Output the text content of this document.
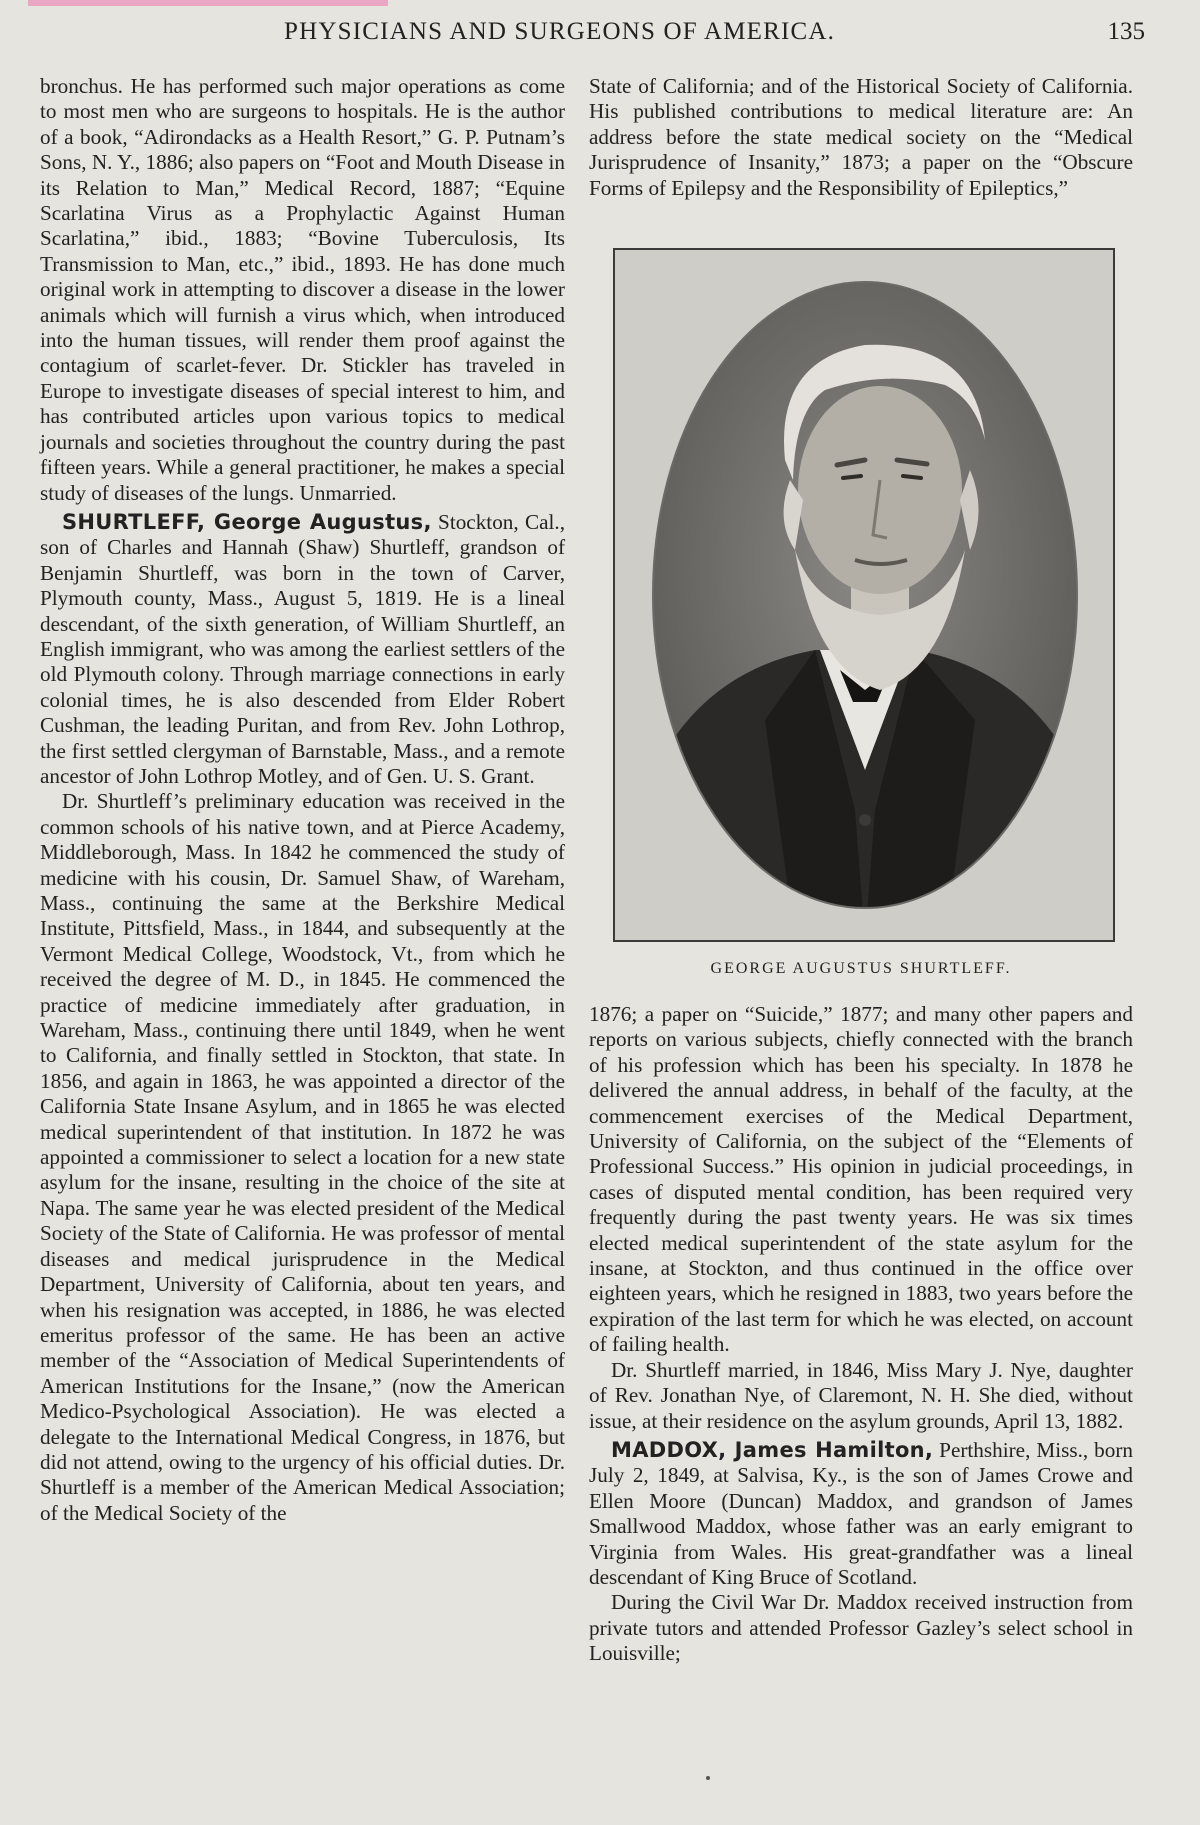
PHYSICIANS AND SURGEONS OF AMERICA.	135

bronchus. He has performed such major operations as come to most men who are surgeons to hospitals. He is the author of a book, “Adirondacks as a Health Resort,” G. P. Putnam’s Sons, N. Y., 1886; also papers on “Foot and Mouth Disease in its Relation to Man,” Medical Record, 1887; “Equine Scarlatina Virus as a Prophylactic Against Human Scarlatina,” ibid., 1883; “Bovine Tuberculosis, Its Transmission to Man, etc.,” ibid., 1893. He has done much original work in attempting to discover a disease in the lower animals which will furnish a virus which, when introduced into the human tissues, will render them proof against the contagium of scarlet-fever. Dr. Stickler has traveled in Europe to investigate diseases of special interest to him, and has contributed articles upon various topics to medical journals and societies throughout the country during the past fifteen years. While a general practitioner, he makes a special study of diseases of the lungs. Unmarried.

SHURTLEFF, George Augustus, Stockton, Cal., son of Charles and Hannah (Shaw) Shurtleff, grandson of Benjamin Shurtleff, was born in the town of Carver, Plymouth county, Mass., August 5, 1819. He is a lineal descendant, of the sixth generation, of William Shurtleff, an English immigrant, who was among the earliest settlers of the old Plymouth colony. Through marriage connections in early colonial times, he is also descended from Elder Robert Cushman, the leading Puritan, and from Rev. John Lothrop, the first settled clergyman of Barnstable, Mass., and a remote ancestor of John Lothrop Motley, and of Gen. U. S. Grant.

Dr. Shurtleff’s preliminary education was received in the common schools of his native town, and at Pierce Academy, Middleborough, Mass. In 1842 he commenced the study of medicine with his cousin, Dr. Samuel Shaw, of Wareham, Mass., continuing the same at the Berkshire Medical Institute, Pittsfield, Mass., in 1844, and subsequently at the Vermont Medical College, Woodstock, Vt., from which he received the degree of M. D., in 1845. He commenced the practice of medicine immediately after graduation, in Wareham, Mass., continuing there until 1849, when he went to California, and finally settled in Stockton, that state. In 1856, and again in 1863, he was appointed a director of the California State Insane Asylum, and in 1865 he was elected medical superintendent of that institution. In 1872 he was appointed a commissioner to select a location for a new state asylum for the insane, resulting in the choice of the site at Napa. The same year he was elected president of the Medical Society of the State of California. He was professor of mental diseases and medical jurisprudence in the Medical Department, University of California, about ten years, and when his resignation was accepted, in 1886, he was elected emeritus professor of the same. He has been an active member of the “Association of Medical Superintendents of American Institutions for the Insane,” (now the American Medico-Psychological Association). He was elected a delegate to the International Medical Congress, in 1876, but did not attend, owing to the urgency of his official duties. Dr. Shurtleff is a member of the American Medical Association; of the Medical Society of the

State of California; and of the Historical Society of California. His published contributions to medical literature are: An address before the state medical society on the “Medical Jurisprudence of Insanity,” 1873; a paper on the “Obscure Forms of Epilepsy and the Responsibility of Epileptics,”

GEORGE AUGUSTUS SHURTLEFF.

1876; a paper on “Suicide,” 1877; and many other papers and reports on various subjects, chiefly connected with the branch of his profession which has been his specialty. In 1878 he delivered the annual address, in behalf of the faculty, at the commencement exercises of the Medical Department, University of California, on the subject of the “Elements of Professional Success.” His opinion in judicial proceedings, in cases of disputed mental condition, has been required very frequently during the past twenty years. He was six times elected medical superintendent of the state asylum for the insane, at Stockton, and thus continued in the office over eighteen years, which he resigned in 1883, two years before the expiration of the last term for which he was elected, on account of failing health.

Dr. Shurtleff married, in 1846, Miss Mary J. Nye, daughter of Rev. Jonathan Nye, of Claremont, N. H. She died, without issue, at their residence on the asylum grounds, April 13, 1882.

MADDOX, James Hamilton, Perthshire, Miss., born July 2, 1849, at Salvisa, Ky., is the son of James Crowe and Ellen Moore (Duncan) Maddox, and grandson of James Smallwood Maddox, whose father was an early emigrant to Virginia from Wales. His great-grandfather was a lineal descendant of King Bruce of Scotland.

During the Civil War Dr. Maddox received instruction from private tutors and attended Professor Gazley’s select school in Louisville;
